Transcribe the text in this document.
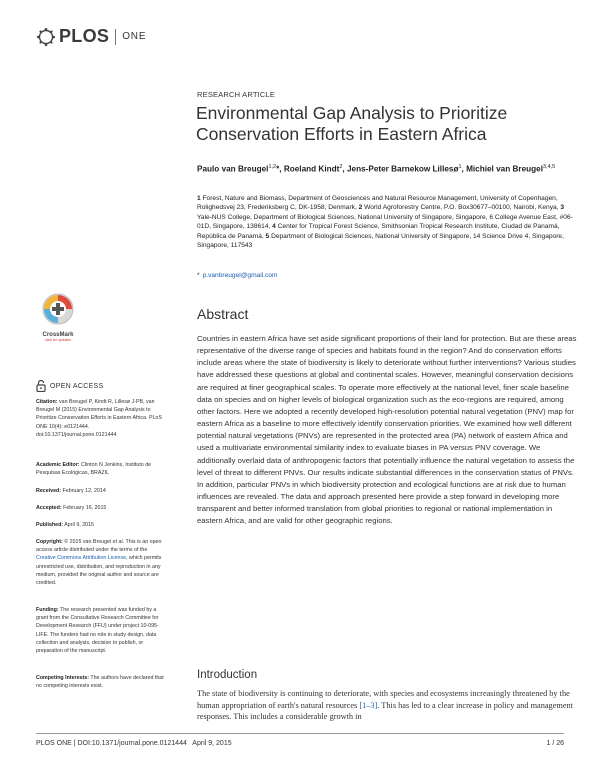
PLOS ONE
RESEARCH ARTICLE
Environmental Gap Analysis to Prioritize
Conservation Efforts in Eastern Africa
Paulo van Breugel$^{1,2}$*, Roeland Kindt$^2$, Jens-Peter Barnekow Lillesø$^1$, Michiel van Breugel$^{3,4,5}$
1 Forest, Nature and Biomass, Department of Geosciences and Natural Resource Management, University of Copenhagen, Rolighedsvej 23, Frederiksberg C, DK-1958, Denmark, 2 World Agroforestry Centre, P.O. Box30677–00100, Nairobi, Kenya, 3 Yale-NUS College, Department of Biological Sciences, National University of Singapore, Singapore, 6 College Avenue East, #06-01D, Singapore, 138614, 4 Center for Tropical Forest Science, Smithsonian Tropical Research Institute, Ciudad de Panamá, República de Panamá, 5 Department of Biological Sciences, National University of Singapore, 14 Science Drive 4, Singapore, Singapore, 117543
* p.vanbreugel@gmail.com
CrossMark
click for updates
OPEN ACCESS
Citation: van Breugel P, Kindt R, Lillesø J-PB, van Breugel M (2015) Environmental Gap Analysis to Prioritize Conservation Efforts in Eastern Africa. PLoS ONE 10(4): e0121444. doi:10.1371/journal.pone.0121444
Academic Editor: Clinton N Jenkins, Instituto de Pesquisas Ecológicas, BRAZIL
Received: February 12, 2014
Accepted: February 16, 2015
Published: April 9, 2015
Copyright: © 2015 van Breugel et al. This is an open access article distributed under the terms of the Creative Commons Attribution License, which permits unrestricted use, distribution, and reproduction in any medium, provided the original author and source are credited.
Funding: The research presented was funded by a grant from the Consultative Research Committee for Development Research (FFU) under project 10-095-LIFE. The funders had no role in study design, data collection and analysis, decision to publish, or preparation of the manuscript.
Competing Interests: The authors have declared that no competing interests exist.
Abstract
Countries in eastern Africa have set aside significant proportions of their land for protection. But are these areas representative of the diverse range of species and habitats found in the region? And do conservation efforts include areas where the state of biodiversity is likely to deteriorate without further interventions? Various studies have addressed these questions at global and continental scales. However, meaningful conservation decisions are required at finer geographical scales. To operate more effectively at the national level, finer scale baseline data on species and on higher levels of biological organization such as the eco-regions are required, among other factors. Here we adopted a recently developed high-resolution potential natural vegetation (PNV) map for eastern Africa as a baseline to more effectively identify conservation priorities. We examined how well different potential natural vegetations (PNVs) are represented in the protected area (PA) network of eastern Africa and used a multivariate environmental similarity index to evaluate biases in PA versus PNV coverage. We additionally overlaid data of anthropogenic factors that potentially influence the natural vegetation to assess the level of threat to different PNVs. Our results indicate substantial differences in the conservation status of PNVs. In addition, particular PNVs in which biodiversity protection and ecological functions are at risk due to human influences are revealed. The data and approach presented here provide a step forward in developing more transparent and better informed translation from global priorities to regional or national implementation in eastern Africa, and are valid for other geographic regions.
Introduction
The state of biodiversity is continuing to deteriorate, with species and ecosystems increasingly threatened by the human appropriation of earth's natural resources [1–3]. This has led to a clear increase in policy and management responses. This includes a considerable growth in
PLOS ONE | DOI:10.1371/journal.pone.0121444   April 9, 2015	1 / 26
